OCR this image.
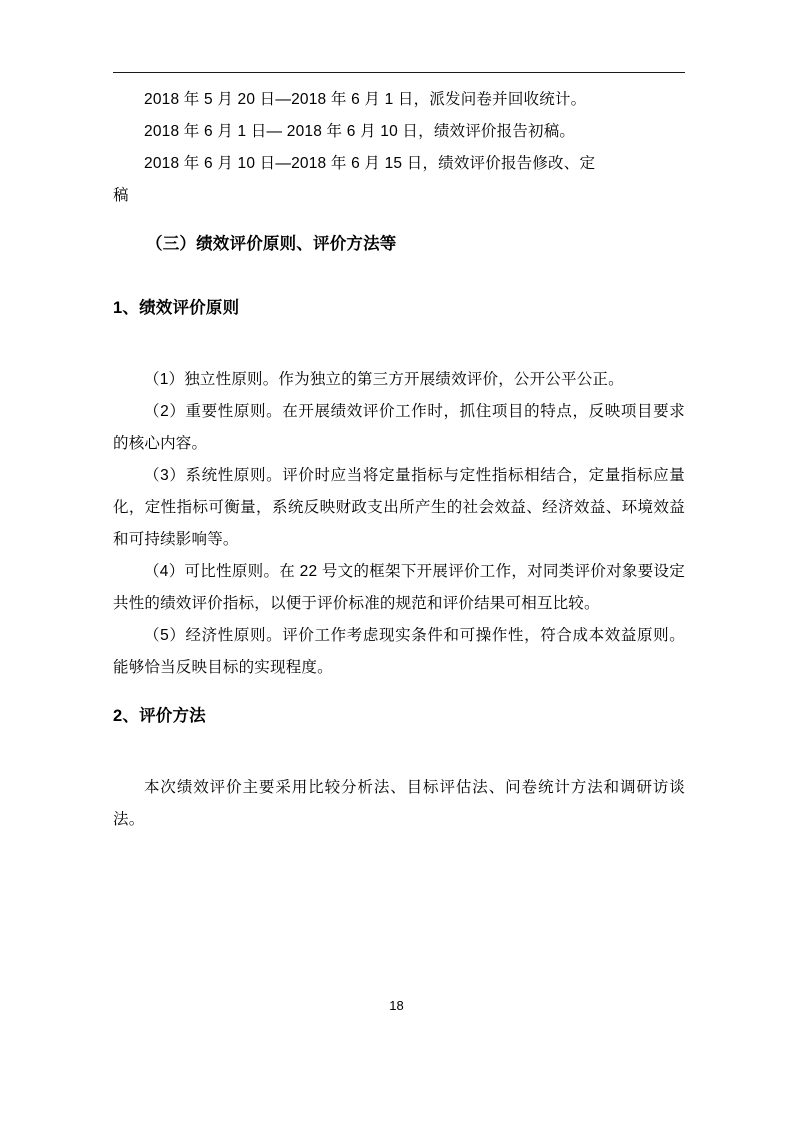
2018 年 5 月 20 日—2018 年 6 月 1 日，派发问卷并回收统计。

2018 年 6 月 1 日— 2018 年 6 月 10 日，绩效评价报告初稿。

2018 年 6 月 10 日—2018 年 6 月 15 日，绩效评价报告修改、定

稿

（三）绩效评价原则、评价方法等

1、绩效评价原则

（1）独立性原则。作为独立的第三方开展绩效评价，公开公平公正。

（2）重要性原则。在开展绩效评价工作时，抓住项目的特点，反映项目要求的核心内容。

（3）系统性原则。评价时应当将定量指标与定性指标相结合，定量指标应量化，定性指标可衡量，系统反映财政支出所产生的社会效益、经济效益、环境效益和可持续影响等。

（4）可比性原则。在 22 号文的框架下开展评价工作，对同类评价对象要设定共性的绩效评价指标，以便于评价标准的规范和评价结果可相互比较。

（5）经济性原则。评价工作考虑现实条件和可操作性，符合成本效益原则。能够恰当反映目标的实现程度。

2、评价方法

本次绩效评价主要采用比较分析法、目标评估法、问卷统计方法和调研访谈法。

18
